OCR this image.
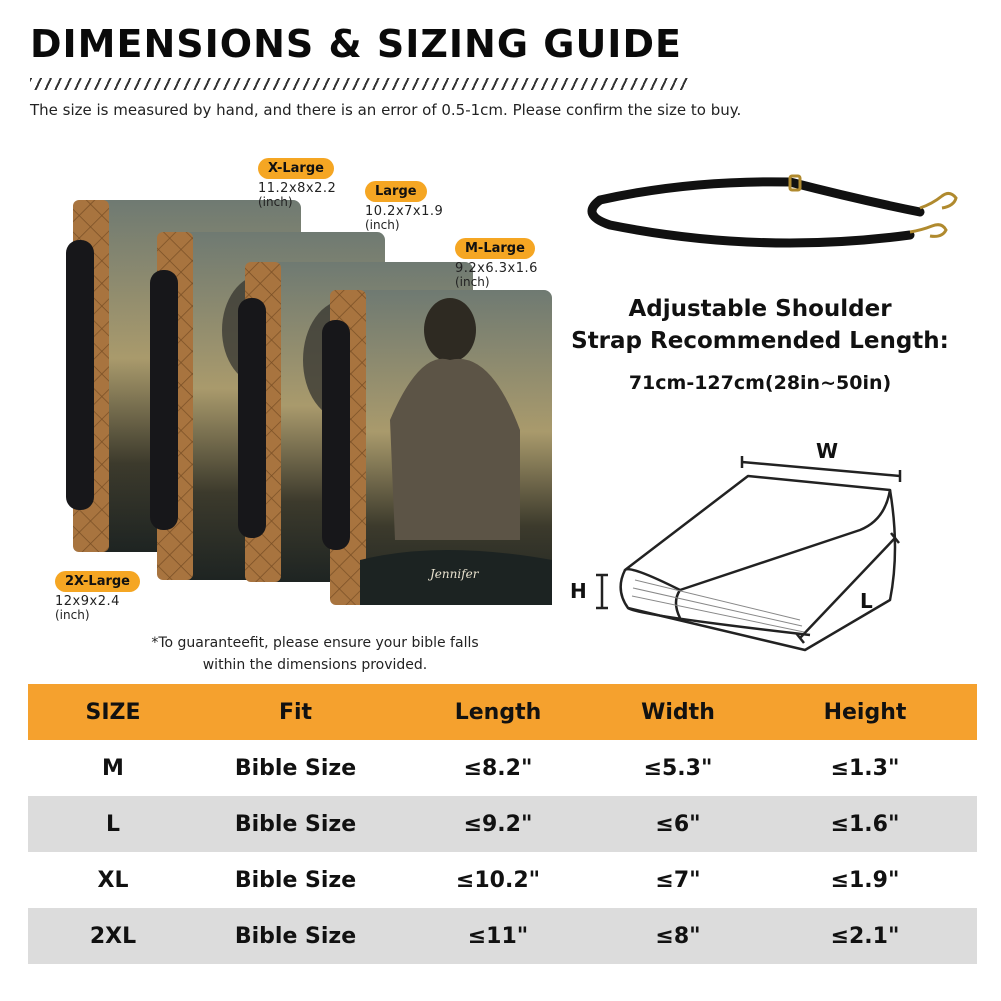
DIMENSIONS & SIZING GUIDE
The size is measured by hand, and there is an error of 0.5-1cm. Please confirm the size to buy.
Jennifer
X-Large
11.2x8x2.2
(inch)
Large
10.2x7x1.9
(inch)
M-Large
9.2x6.3x1.6
(inch)
2X-Large
12x9x2.4
(inch)
*To guaranteefit, please ensure your bible falls
within the dimensions provided.
Adjustable Shoulder
Strap Recommended Length:
71cm-127cm(28in~50in)
W
H	L
SIZE	Fit	Length	Width	Height
M	Bible Size	≤8.2"	≤5.3"	≤1.3"
L	Bible Size	≤9.2"	≤6"	≤1.6"
XL	Bible Size	≤10.2"	≤7"	≤1.9"
2XL	Bible Size	≤11"	≤8"	≤2.1"
